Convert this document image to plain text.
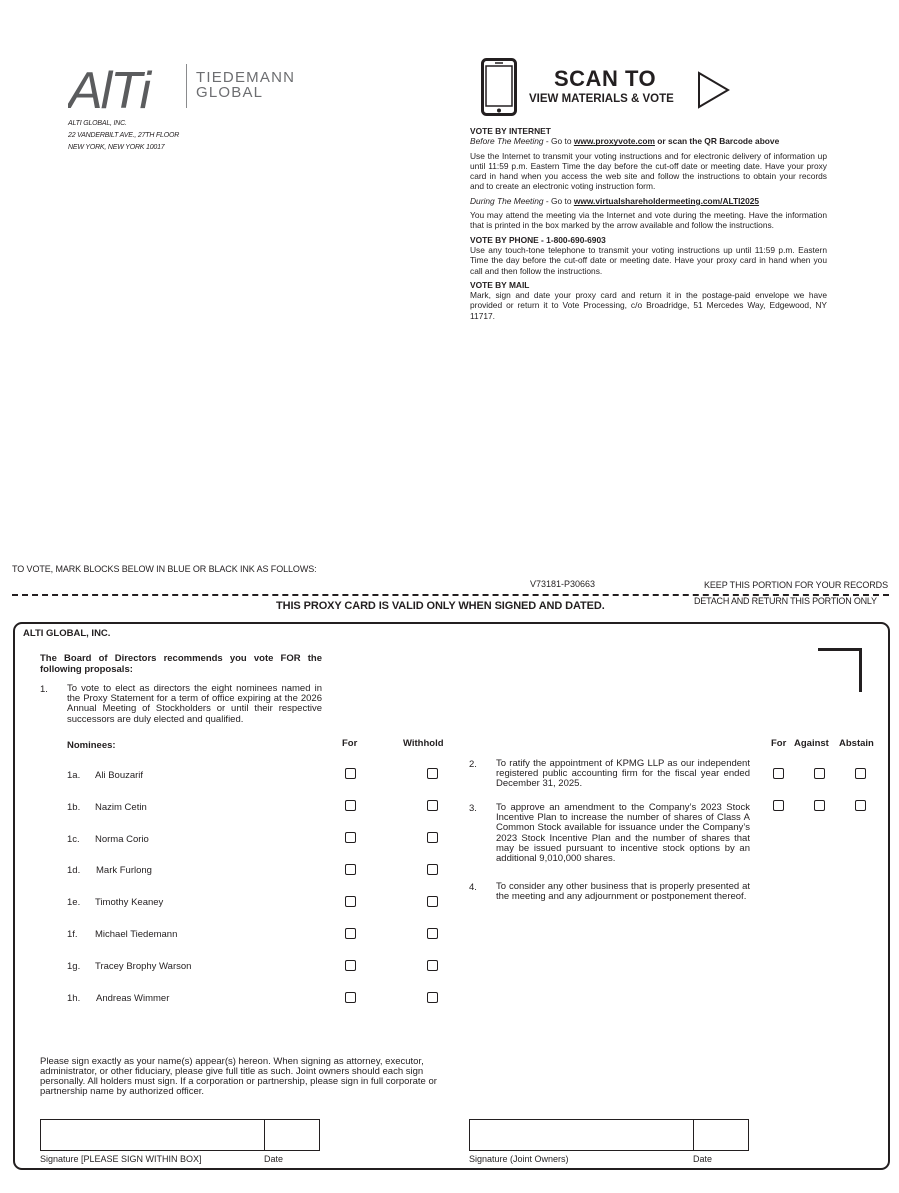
AlTi	TIEDEMANN
GLOBAL
ALTI GLOBAL, INC.
22 VANDERBILT AVE., 27TH FLOOR
NEW YORK, NEW YORK 10017
SCAN TO
VIEW MATERIALS & VOTE
VOTE BY INTERNET
Before The Meeting - Go to www.proxyvote.com or scan the QR Barcode above

Use the Internet to transmit your voting instructions and for electronic delivery of information up until 11:59 p.m. Eastern Time the day before the cut-off date or meeting date. Have your proxy card in hand when you access the web site and follow the instructions to obtain your records and to create an electronic voting instruction form.

During The Meeting - Go to www.virtualshareholdermeeting.com/ALTI2025

You may attend the meeting via the Internet and vote during the meeting. Have the information that is printed in the box marked by the arrow available and follow the instructions.

VOTE BY PHONE - 1-800-690-6903

Use any touch-tone telephone to transmit your voting instructions up until 11:59 p.m. Eastern Time the day before the cut-off date or meeting date. Have your proxy card in hand when you call and then follow the instructions.

VOTE BY MAIL

Mark, sign and date your proxy card and return it in the postage-paid envelope we have provided or return it to Vote Processing, c/o Broadridge, 51 Mercedes Way, Edgewood, NY 11717.

TO VOTE, MARK BLOCKS BELOW IN BLUE OR BLACK INK AS FOLLOWS:
V73181-P30663	KEEP THIS PORTION FOR YOUR RECORDS
DETACH AND RETURN THIS PORTION ONLY
THIS PROXY CARD IS VALID ONLY WHEN SIGNED AND DATED.
ALTI GLOBAL, INC.
The Board of Directors recommends you vote FOR the following proposals:
1. To vote to elect as directors the eight nominees named in the Proxy Statement for a term of office expiring at the 2026 Annual Meeting of Stockholders or until their respective successors are duly elected and qualified.
Nominees:	For	Withhold
1a. Ali Bouzarif
1b. Nazim Cetin
1c. Norma Corio
1d. Mark Furlong
1e. Timothy Keaney
1f. Michael Tiedemann
1g. Tracey Brophy Warson
1h. Andreas Wimmer
For Against Abstain
2. To ratify the appointment of KPMG LLP as our independent registered public accounting firm for the fiscal year ended December 31, 2025.
3. To approve an amendment to the Company’s 2023 Stock Incentive Plan to increase the number of shares of Class A Common Stock available for issuance under the Company’s 2023 Stock Incentive Plan and the number of shares that may be issued pursuant to incentive stock options by an additional 9,010,000 shares.
4. To consider any other business that is properly presented at the meeting and any adjournment or postponement thereof.
Please sign exactly as your name(s) appear(s) hereon. When signing as attorney, executor, administrator, or other fiduciary, please give full title as such. Joint owners should each sign personally. All holders must sign. If a corporation or partnership, please sign in full corporate or partnership name by authorized officer.
Signature [PLEASE SIGN WITHIN BOX]	Date	Signature (Joint Owners)	Date
